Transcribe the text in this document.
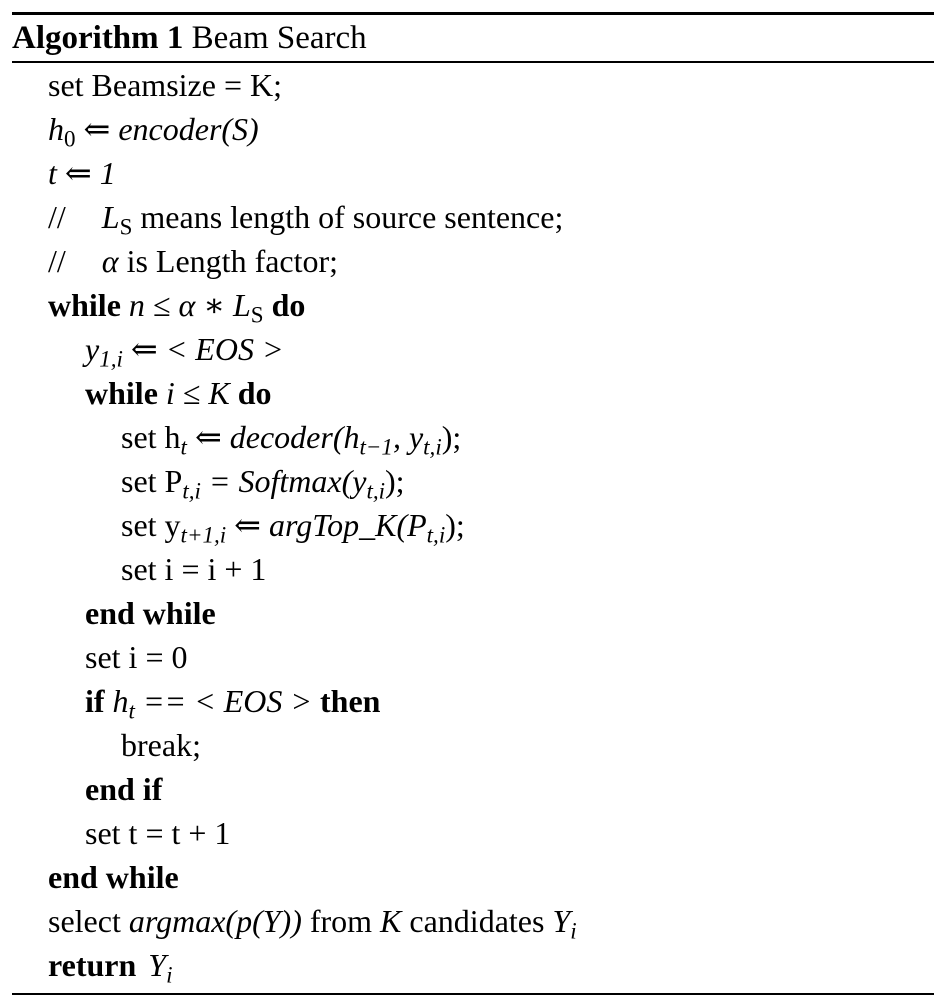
Algorithm 1 Beam Search
set Beamsize = K;
$h_0$ ⇐ encoder(S)
t ⇐ 1
// $L_S$ means length of source sentence;
// α is Length factor;
while n ≤ α ∗ $L_S$ do
$y_{1,i}$ ⇐ < EOS >
while i ≤ K do
set $h_t$ ⇐ $decoder(h_{t-1}$, $y_{t,i}$);
set $P_{t,i}$ = $Softmax(y_{t,i})$;
set $y_{t+1,i}$ ⇐ $argTop\_K(P_{t,i})$;
set i = i + 1
end while
set i = 0
if $h_t$ == < EOS > then
break;
end if
set t = t + 1
end while
select argmax(p(Y)) from K candidates $Y_i$
return $Y_i$
